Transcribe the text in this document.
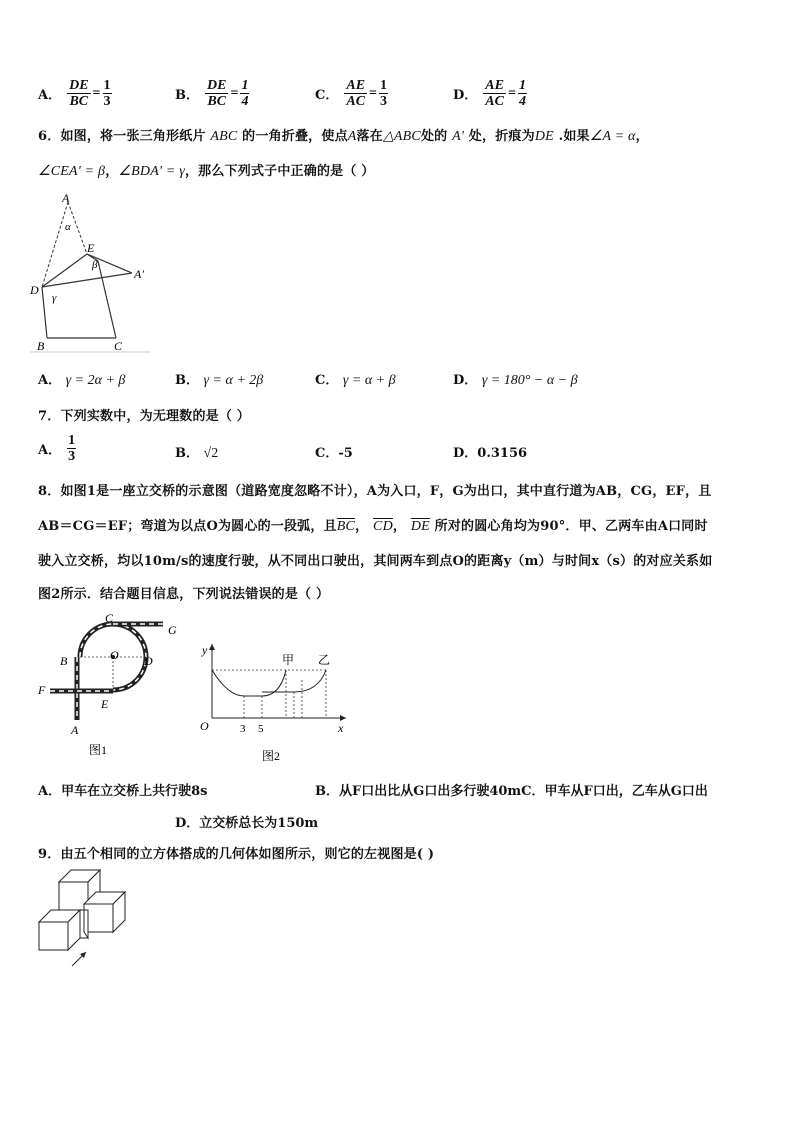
A． $\frac{DE}{BC} = \frac{1}{3}$	B． $\frac{DE}{BC} = \frac{1}{4}$	C． $\frac{AE}{AC} = \frac{1}{3}$	D． $\frac{AE}{AC} = \frac{1}{4}$
6．如图，将一张三角形纸片 ABC 的一角折叠，使点A落在△ABC处的 A' 处，折痕为DE .如果∠A = α，
∠CEA' = β，∠BDA' = γ，那么下列式子中正确的是（ ）
A
α
E
β
A'
D
γ
B	C
A． γ = 2α + β	B． γ = α + 2β	C． γ = α + β	D． γ = 180° − α − β
7．下列实数中，为无理数的是（ ）
A． $\frac{1}{3}$	B． √2	C．-5	D．0.3156
8．如图1是一座立交桥的示意图（道路宽度忽略不计），A为入口，F，G为出口，其中直行道为AB，CG，EF，且
AB＝CG＝EF；弯道为以点O为圆心的一段弧，且$\overline{BC}$， $\overline{CD}$， $\overline{DE}$ 所对的圆心角均为90°．甲、乙两车由A口同时
驶入立交桥，均以10m/s的速度行驶，从不同出口驶出，其间两车到点O的距离y（m）与时间x（s）的对应关系如
图2所示．结合题目信息，下列说法错误的是（ ）
C
G
B	O D
F
E
A
图1
y
甲 乙
O	3 5	x
图2
A．甲车在立交桥上共行驶8s	B．从F口出比从G口出多行驶40mC．甲车从F口出，乙车从G口出
D．立交桥总长为150m
9．由五个相同的立方体搭成的几何体如图所示，则它的左视图是( )
